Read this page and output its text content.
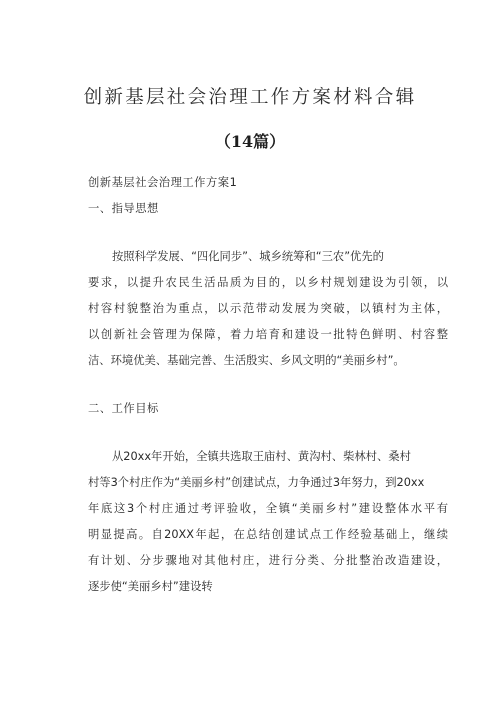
创新基层社会治理工作方案材料合辑
（14篇）
创新基层社会治理工作方案1
一、指导思想
按照科学发展、“四化同步”、城乡统筹和“三农”优先的
要求，以提升农民生活品质为目的，以乡村规划建设为引领，以
村容村貌整治为重点，以示范带动发展为突破，以镇村为主体，
以创新社会管理为保障，着力培育和建设一批特色鲜明、村容整
洁、环境优美、基础完善、生活殷实、乡风文明的“美丽乡村”。
二、工作目标
从20xx年开始，全镇共选取王庙村、黄沟村、柴林村、桑村
村等3个村庄作为“美丽乡村”创建试点，力争通过3年努力，到20xx
年底这3个村庄通过考评验收，全镇“美丽乡村”建设整体水平有
明显提高。自20XX年起，在总结创建试点工作经验基础上，继续
有计划、分步骤地对其他村庄，进行分类、分批整治改造建设，
逐步使“美丽乡村”建设转
